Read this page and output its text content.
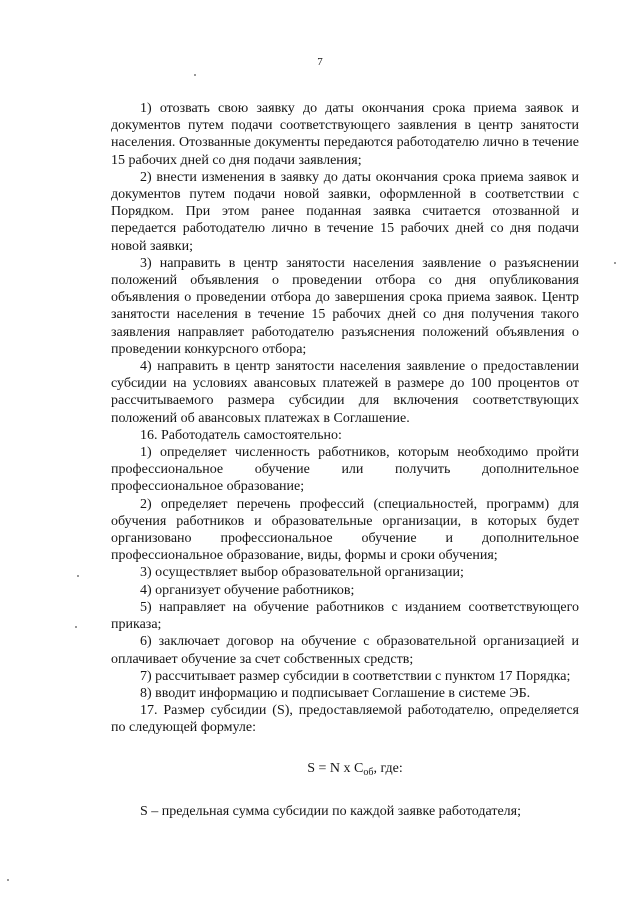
7

1) отозвать свою заявку до даты окончания срока приема заявок и документов путем подачи соответствующего заявления в центр занятости населения. Отозванные документы передаются работодателю лично в течение 15 рабочих дней со дня подачи заявления;

2) внести изменения в заявку до даты окончания срока приема заявок и документов путем подачи новой заявки, оформленной в соответствии с Порядком. При этом ранее поданная заявка считается отозванной и передается работодателю лично в течение 15 рабочих дней со дня подачи новой заявки;

3) направить в центр занятости населения заявление о разъяснении положений объявления о проведении отбора со дня опубликования объявления о проведении отбора до завершения срока приема заявок. Центр занятости населения в течение 15 рабочих дней со дня получения такого заявления направляет работодателю разъяснения положений объявления о проведении конкурсного отбора;

4) направить в центр занятости населения заявление о предоставлении субсидии на условиях авансовых платежей в размере до 100 процентов от рассчитываемого размера субсидии для включения соответствующих положений об авансовых платежах в Соглашение.

16. Работодатель самостоятельно:

1) определяет численность работников, которым необходимо пройти профессиональное обучение или получить дополнительное профессиональное образование;

2) определяет перечень профессий (специальностей, программ) для обучения работников и образовательные организации, в которых будет организовано профессиональное обучение и дополнительное профессиональное образование, виды, формы и сроки обучения;

3) осуществляет выбор образовательной организации;

4) организует обучение работников;

5) направляет на обучение работников с изданием соответствующего приказа;

6) заключает договор на обучение с образовательной организацией и оплачивает обучение за счет собственных средств;

7) рассчитывает размер субсидии в соответствии с пунктом 17 Порядка;

8) вводит информацию и подписывает Соглашение в системе ЭБ.

17. Размер субсидии (S), предоставляемой работодателю, определяется по следующей формуле:

S = N x $C_{об}$, где:

S – предельная сумма субсидии по каждой заявке работодателя;
